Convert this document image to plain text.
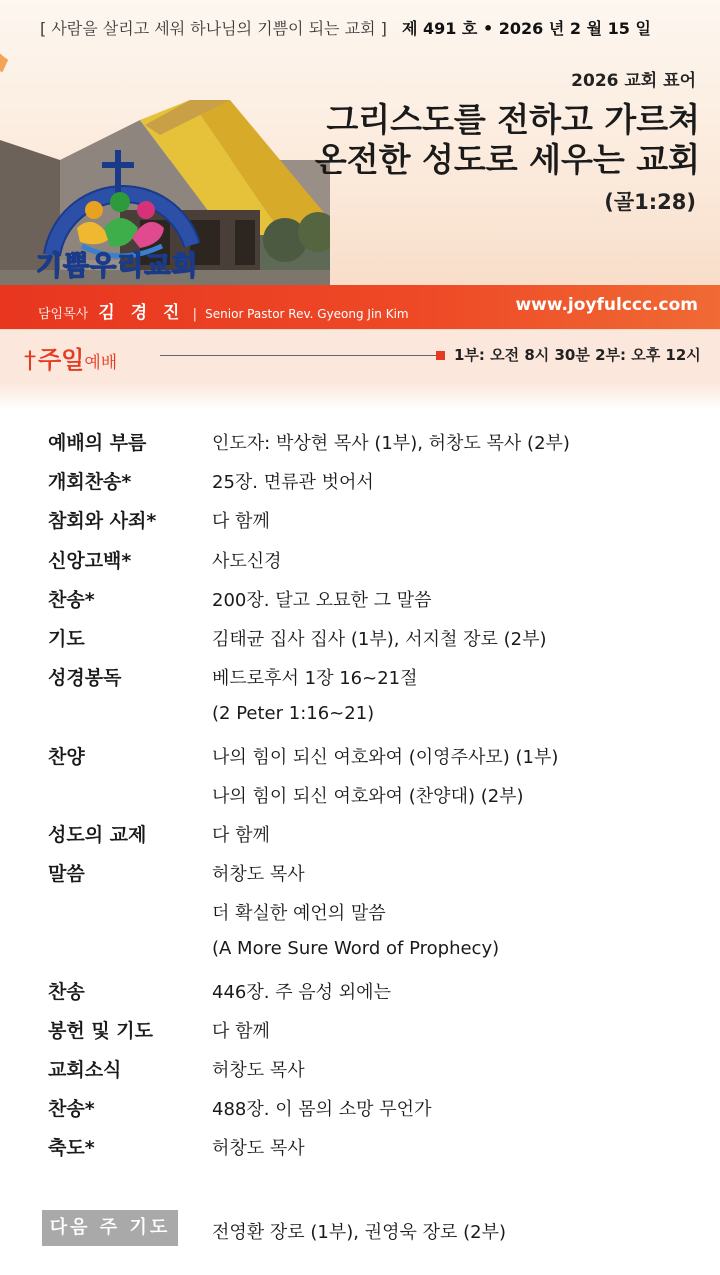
[ 사람을 살리고 세워 하나님의 기쁨이 되는 교회 ] 제 491 호 • 2026 년 2 월 15 일
기쁨우리교회
2026 교회 표어
그리스도를 전하고 가르쳐
온전한 성도로 세우는 교회
(골1:28)
담임목사 김 경 진 | Senior Pastor Rev. Gyeong Jin Kim	www.joyfulccc.com
†주일예배	1부: 오전 8시 30분 2부: 오후 12시
예배의 부름	인도자: 박상현 목사 (1부), 허창도 목사 (2부)
개회찬송*	25장. 면류관 벗어서
참회와 사죄*	다 함께
신앙고백*	사도신경
찬송*	200장. 달고 오묘한 그 말씀
기도	김태균 집사 집사 (1부), 서지철 장로 (2부)
성경봉독	베드로후서 1장 16~21절
(2 Peter 1:16~21)
찬양	나의 힘이 되신 여호와여 (이영주사모) (1부)
나의 힘이 되신 여호와여 (찬양대) (2부)
성도의 교제	다 함께
말씀	허창도 목사
더 확실한 예언의 말씀
(A More Sure Word of Prophecy)
찬송	446장. 주 음성 외에는
봉헌 및 기도	다 함께
교회소식	허창도 목사
찬송*	488장. 이 몸의 소망 무언가
축도*	허창도 목사
다음 주 기도	전영환 장로 (1부), 권영욱 장로 (2부)
